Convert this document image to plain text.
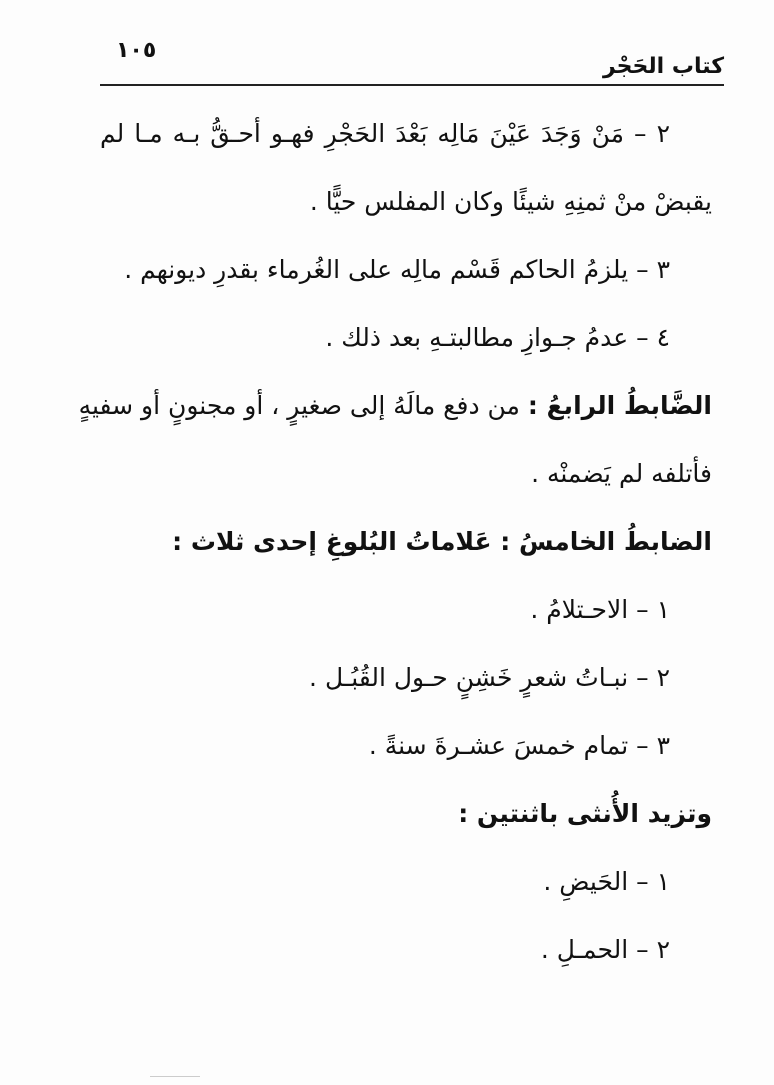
١٠٥
كتاب الحَجْر
٢ – مَنْ وَجَدَ عَيْنَ مَالِه بَعْدَ الحَجْرِ فهـو أحـقُّ بـه مـا لم
يقبضْ منْ ثمنِهِ شيئًا وكان المفلس حيًّا .
٣ – يلزمُ الحاكم قَسْم مالِه على الغُرماء بقدرِ ديونهم .
٤ – عدمُ جـوازِ مطالبتـهِ بعد ذلك .
الضَّابطُ الرابعُ : من دفع مالَهُ إلى صغيرٍ ، أو مجنونٍ أو سفيهٍ
فأتلفه لم يَضمنْه .
الضابطُ الخامسُ : عَلاماتُ البُلوغِ إحدى ثلاث :
١ – الاحـتلامُ .
٢ – نبـاتُ شعرٍ خَشِنٍ حـول القُبُـل .
٣ – تمام خمسَ عشـرةَ سنةً .
وتزيد الأُنثى باثنتين :
١ – الحَيضِ .
٢ – الحمـلِ .
